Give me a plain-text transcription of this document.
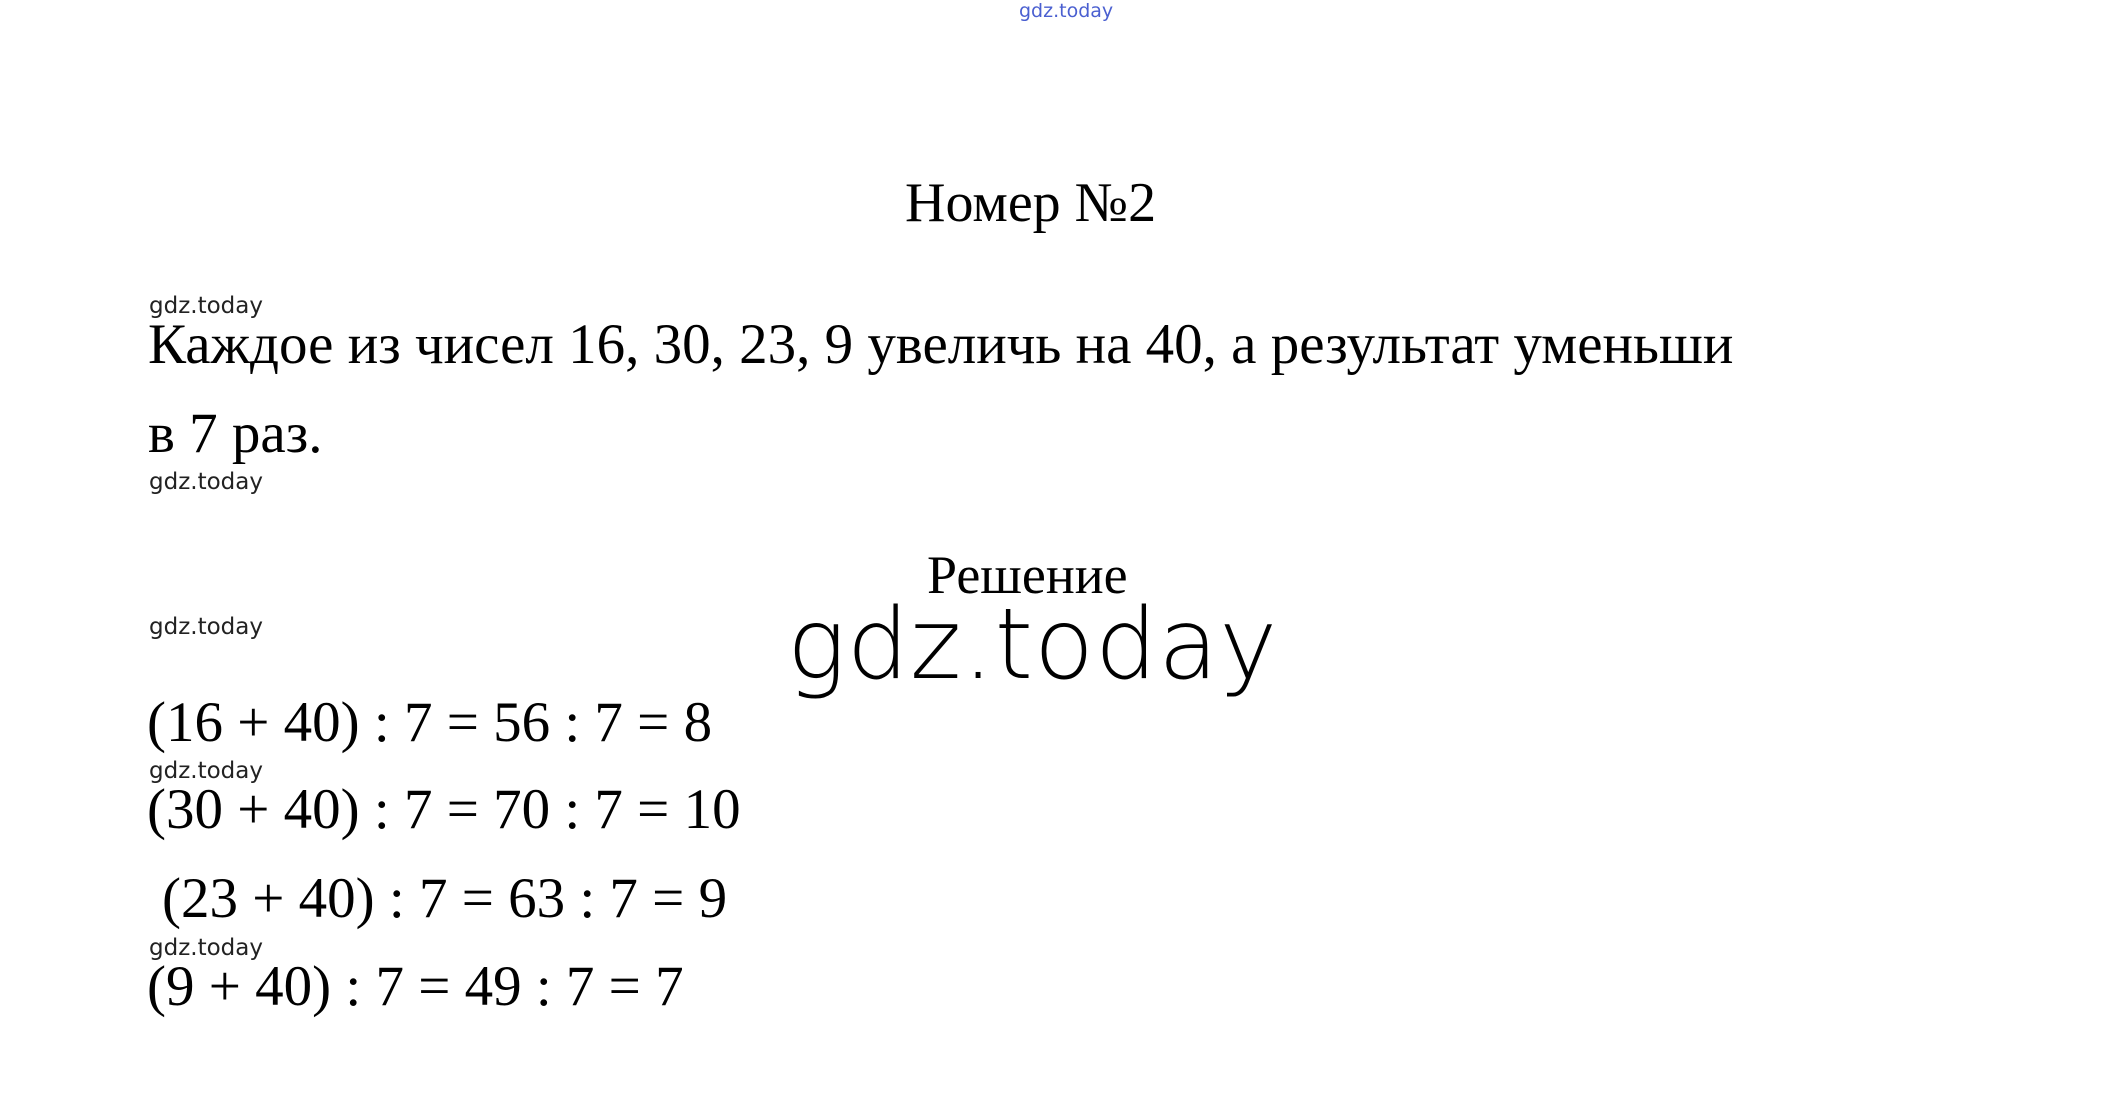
gdz.today
Номер №2
gdz.today
Каждое из чисел 16, 30, 23, 9 увеличь на 40, а результат уменьши
в 7 раз.
gdz.today
Решение
gdz.today	gdz.today
(16 + 40) : 7 = 56 : 7 = 8
gdz.today
(30 + 40) : 7 = 70 : 7 = 10
(23 + 40) : 7 = 63 : 7 = 9
gdz.today
(9 + 40) : 7 = 49 : 7 = 7
